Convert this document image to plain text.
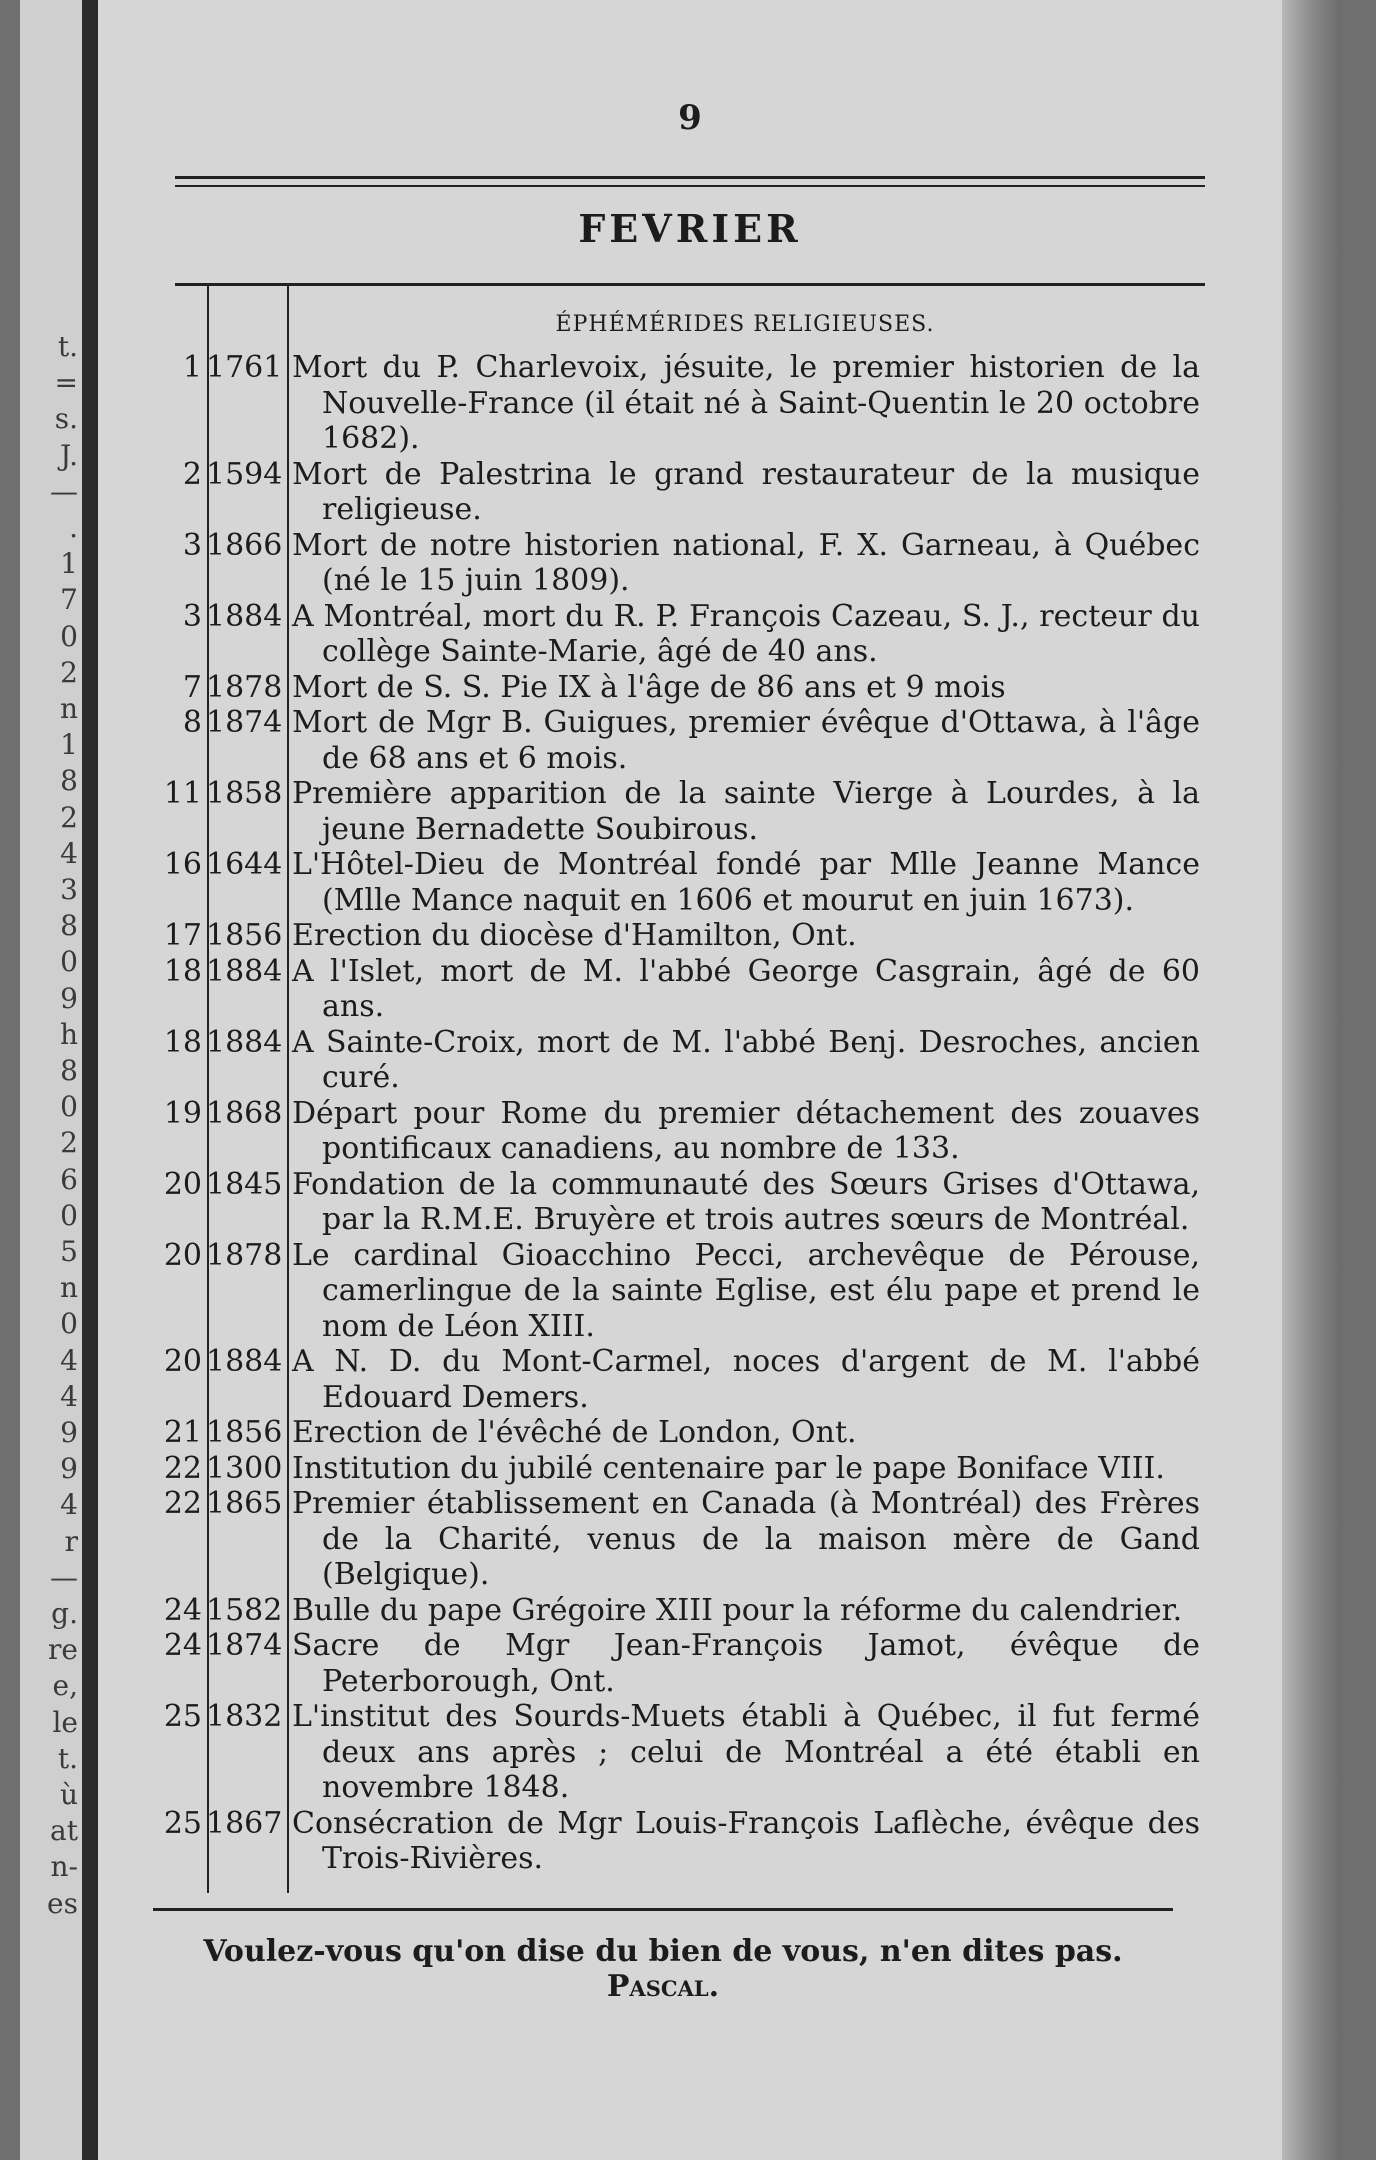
t.
=
s.
J.
—
.
1
7
0
2
n
1
8
2
4
3
8
0
9
h
8
0
2
6
0
5
n
0
4
4
9
9
4
r
—
g.
re
e,
le
t.
ù
at
n-
es
9
FEVRIER
ÉPHÉMÉRIDES RELIGIEUSES.
1 1761 Mort du P. Charlevoix, jésuite, le premier historien de la Nouvelle-France (il était né à Saint-Quentin le 20 octobre 1682).
2 1594 Mort de Palestrina le grand restaurateur de la musique religieuse.
3 1866 Mort de notre historien national, F. X. Garneau, à Québec (né le 15 juin 1809).
3 1884 A Montréal, mort du R. P. François Cazeau, S. J., recteur du collège Sainte-Marie, âgé de 40 ans.
7 1878 Mort de S. S. Pie IX à l'âge de 86 ans et 9 mois
8 1874 Mort de Mgr B. Guigues, premier évêque d'Ottawa, à l'âge de 68 ans et 6 mois.
11 1858 Première apparition de la sainte Vierge à Lourdes, à la jeune Bernadette Soubirous.
16 1644 L'Hôtel-Dieu de Montréal fondé par Mlle Jeanne Mance (Mlle Mance naquit en 1606 et mourut en juin 1673).
17 1856 Erection du diocèse d'Hamilton, Ont.
18 1884 A l'Islet, mort de M. l'abbé George Casgrain, âgé de 60 ans.
18 1884 A Sainte-Croix, mort de M. l'abbé Benj. Desroches, ancien curé.
19 1868 Départ pour Rome du premier détachement des zouaves pontificaux canadiens, au nombre de 133.
20 1845 Fondation de la communauté des Sœurs Grises d'Ottawa, par la R.M.E. Bruyère et trois autres sœurs de Montréal.
20 1878 Le cardinal Gioacchino Pecci, archevêque de Pérouse, camerlingue de la sainte Eglise, est élu pape et prend le nom de Léon XIII.
20 1884 A N. D. du Mont-Carmel, noces d'argent de M. l'abbé Edouard Demers.
21 1856 Erection de l'évêché de London, Ont.
22 1300 Institution du jubilé centenaire par le pape Boniface VIII.
22 1865 Premier établissement en Canada (à Montréal) des Frères de la Charité, venus de la maison mère de Gand (Belgique).
24 1582 Bulle du pape Grégoire XIII pour la réforme du calendrier.
24 1874 Sacre de Mgr Jean-François Jamot, évêque de Peterborough, Ont.
25 1832 L'institut des Sourds-Muets établi à Québec, il fut fermé deux ans après ; celui de Montréal a été établi en novembre 1848.
25 1867 Consécration de Mgr Louis-François Laflèche, évêque des Trois-Rivières.
Voulez-vous qu'on dise du bien de vous, n'en dites pas. Pascal.
